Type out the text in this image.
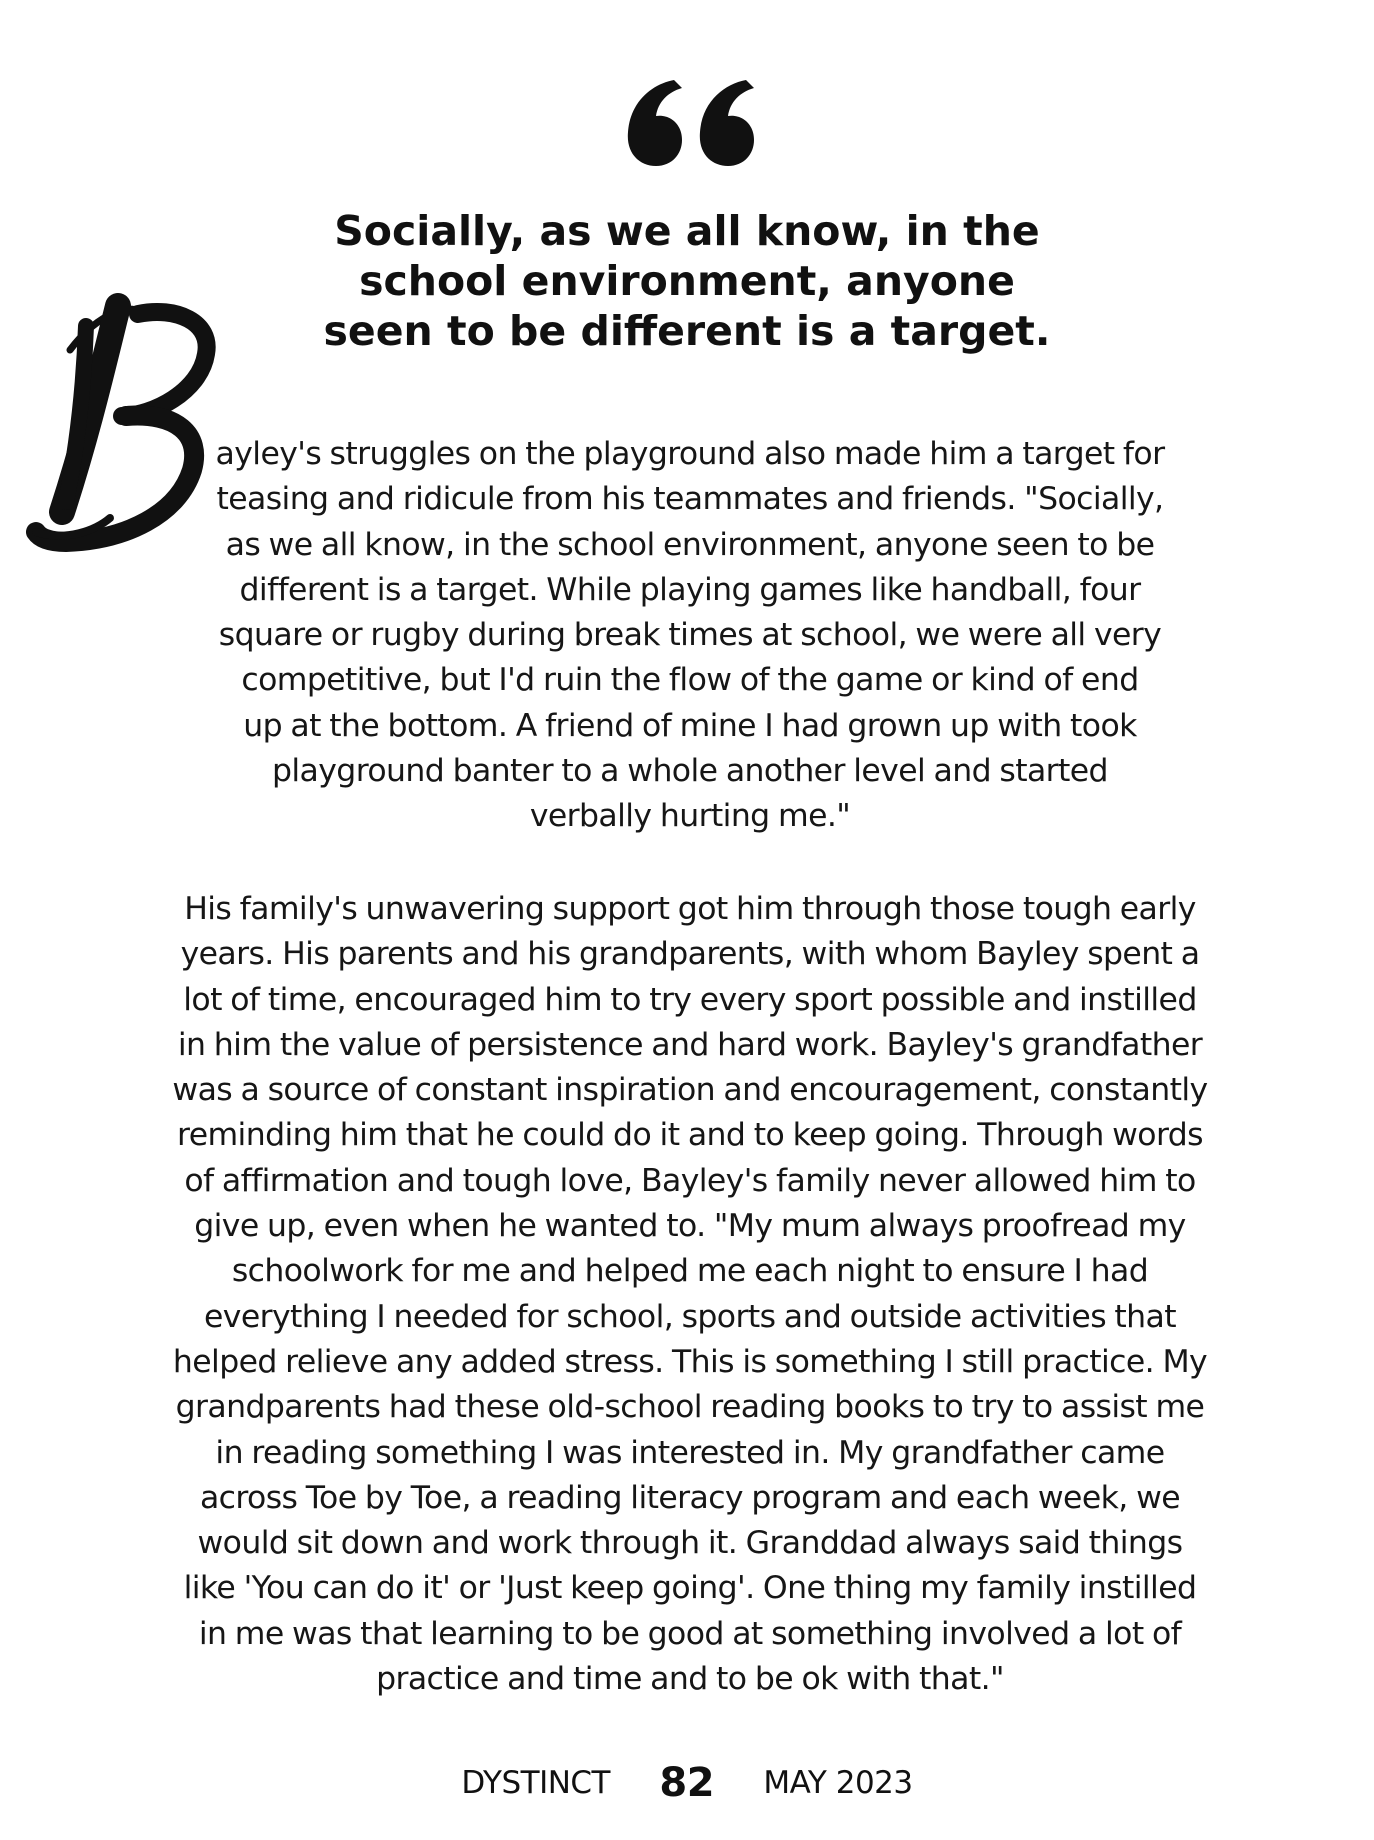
Socially, as we all know, in the
school environment, anyone
seen to be different is a target.
ayley's struggles on the playground also made him a target for
teasing and ridicule from his teammates and friends. "Socially,
as we all know, in the school environment, anyone seen to be
different is a target. While playing games like handball, four
square or rugby during break times at school, we were all very
competitive, but I'd ruin the flow of the game or kind of end
up at the bottom. A friend of mine I had grown up with took
playground banter to a whole another level and started
verbally hurting me."
His family's unwavering support got him through those tough early
years. His parents and his grandparents, with whom Bayley spent a
lot of time, encouraged him to try every sport possible and instilled
in him the value of persistence and hard work. Bayley's grandfather
was a source of constant inspiration and encouragement, constantly
reminding him that he could do it and to keep going. Through words
of affirmation and tough love, Bayley's family never allowed him to
give up, even when he wanted to. "My mum always proofread my
schoolwork for me and helped me each night to ensure I had
everything I needed for school, sports and outside activities that
helped relieve any added stress. This is something I still practice. My
grandparents had these old-school reading books to try to assist me
in reading something I was interested in. My grandfather came
across Toe by Toe, a reading literacy program and each week, we
would sit down and work through it. Granddad always said things
like 'You can do it' or 'Just keep going'. One thing my family instilled
in me was that learning to be good at something involved a lot of
practice and time and to be ok with that."
DYSTINCT 82 MAY 2023
